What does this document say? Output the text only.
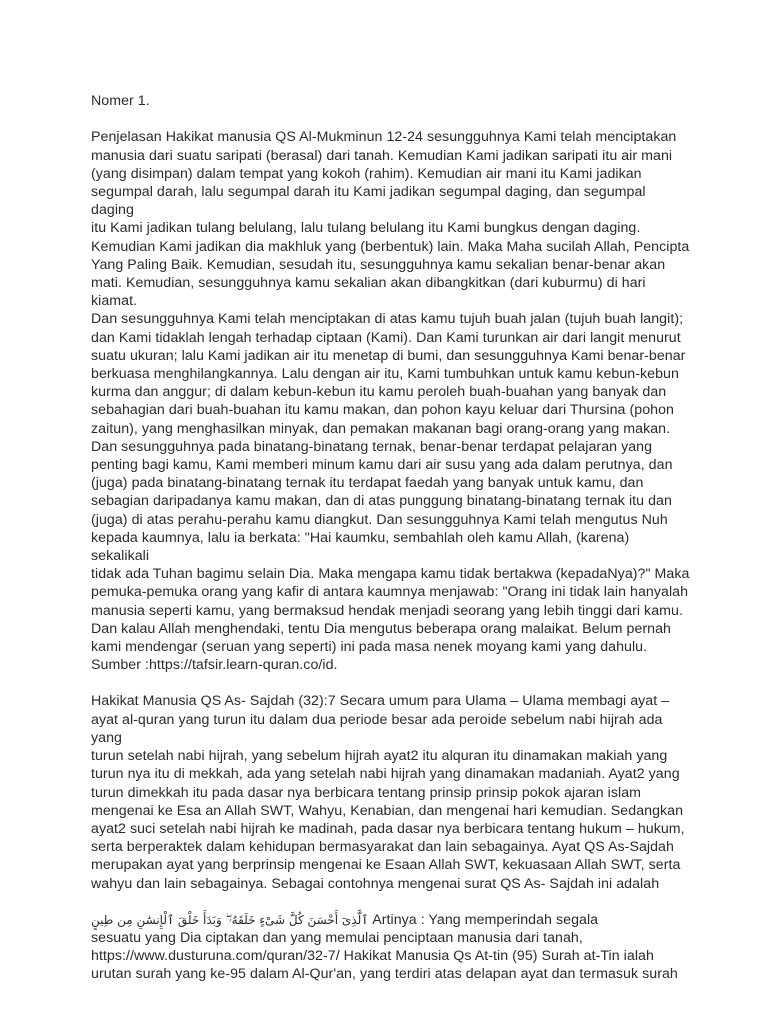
Nomer 1.
Penjelasan Hakikat manusia QS Al-Mukminun 12-24 sesungguhnya Kami telah menciptakan
manusia dari suatu saripati (berasal) dari tanah. Kemudian Kami jadikan saripati itu air mani
(yang disimpan) dalam tempat yang kokoh (rahim). Kemudian air mani itu Kami jadikan
segumpal darah, lalu segumpal darah itu Kami jadikan segumpal daging, dan segumpal daging
itu Kami jadikan tulang belulang, lalu tulang belulang itu Kami bungkus dengan daging.
Kemudian Kami jadikan dia makhluk yang (berbentuk) lain. Maka Maha sucilah Allah, Pencipta
Yang Paling Baik. Kemudian, sesudah itu, sesungguhnya kamu sekalian benar-benar akan
mati. Kemudian, sesungguhnya kamu sekalian akan dibangkitkan (dari kuburmu) di hari kiamat.
Dan sesungguhnya Kami telah menciptakan di atas kamu tujuh buah jalan (tujuh buah langit);
dan Kami tidaklah lengah terhadap ciptaan (Kami). Dan Kami turunkan air dari langit menurut
suatu ukuran; lalu Kami jadikan air itu menetap di bumi, dan sesungguhnya Kami benar-benar
berkuasa menghilangkannya. Lalu dengan air itu, Kami tumbuhkan untuk kamu kebun-kebun
kurma dan anggur; di dalam kebun-kebun itu kamu peroleh buah-buahan yang banyak dan
sebahagian dari buah-buahan itu kamu makan, dan pohon kayu keluar dari Thursina (pohon
zaitun), yang menghasilkan minyak, dan pemakan makanan bagi orang-orang yang makan.
Dan sesungguhnya pada binatang-binatang ternak, benar-benar terdapat pelajaran yang
penting bagi kamu, Kami memberi minum kamu dari air susu yang ada dalam perutnya, dan
(juga) pada binatang-binatang ternak itu terdapat faedah yang banyak untuk kamu, dan
sebagian daripadanya kamu makan, dan di atas punggung binatang-binatang ternak itu dan
(juga) di atas perahu-perahu kamu diangkut. Dan sesungguhnya Kami telah mengutus Nuh
kepada kaumnya, lalu ia berkata: "Hai kaumku, sembahlah oleh kamu Allah, (karena) sekalikali
tidak ada Tuhan bagimu selain Dia. Maka mengapa kamu tidak bertakwa (kepadaNya)?" Maka
pemuka-pemuka orang yang kafir di antara kaumnya menjawab: "Orang ini tidak lain hanyalah
manusia seperti kamu, yang bermaksud hendak menjadi seorang yang lebih tinggi dari kamu.
Dan kalau Allah menghendaki, tentu Dia mengutus beberapa orang malaikat. Belum pernah
kami mendengar (seruan yang seperti) ini pada masa nenek moyang kami yang dahulu.
Sumber :https://tafsir.learn-quran.co/id.
Hakikat Manusia QS As- Sajdah (32):7 Secara umum para Ulama – Ulama membagi ayat –
ayat al-quran yang turun itu dalam dua periode besar ada peroide sebelum nabi hijrah ada yang
turun setelah nabi hijrah, yang sebelum hijrah ayat2 itu alquran itu dinamakan makiah yang
turun nya itu di mekkah, ada yang setelah nabi hijrah yang dinamakan madaniah. Ayat2 yang
turun dimekkah itu pada dasar nya berbicara tentang prinsip prinsip pokok ajaran islam
mengenai ke Esa an Allah SWT, Wahyu, Kenabian, dan mengenai hari kemudian. Sedangkan
ayat2 suci setelah nabi hijrah ke madinah, pada dasar nya berbicara tentang hukum – hukum,
serta berperaktek dalam kehidupan bermasyarakat dan lain sebagainya. Ayat QS As-Sajdah
merupakan ayat yang berprinsip mengenai ke Esaan Allah SWT, kekuasaan Allah SWT, serta
wahyu dan lain sebagainya. Sebagai contohnya mengenai surat QS As- Sajdah ini adalah
ٱلَّذِىٓ أَحْسَنَ كُلَّ شَىْءٍ خَلَقَهُۥ ۖ وَبَدَأَ خَلْقَ ٱلْإِنسَٰنِ مِن طِينٍ Artinya : Yang memperindah segala
sesuatu yang Dia ciptakan dan yang memulai penciptaan manusia dari tanah,
https://www.dusturuna.com/quran/32-7/ Hakikat Manusia Qs At-tin (95) Surah at-Tin ialah
urutan surah yang ke-95 dalam Al-Qur'an, yang terdiri atas delapan ayat dan termasuk surah
